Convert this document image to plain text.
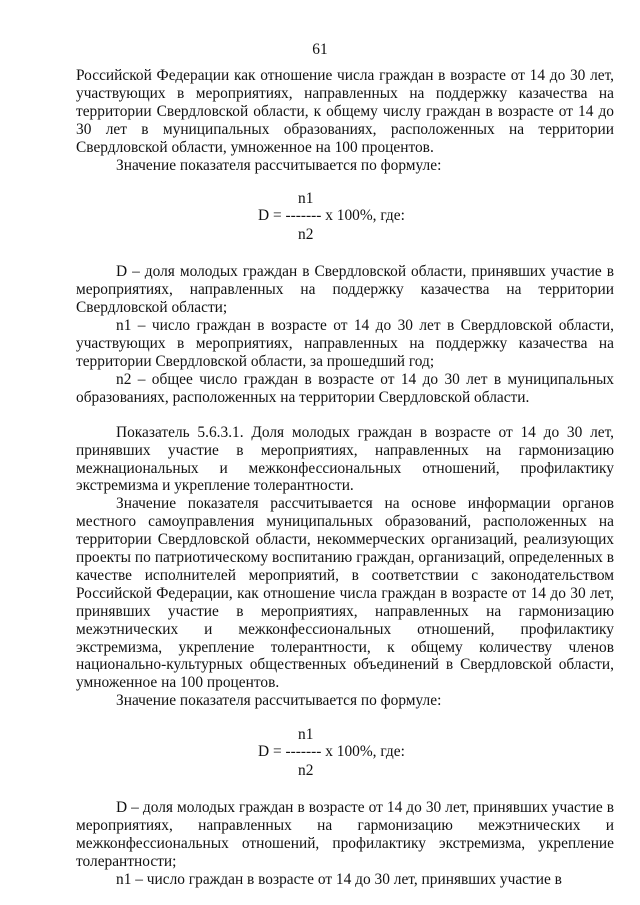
61

Российской Федерации как отношение числа граждан в возрасте от 14 до 30 лет, участвующих в мероприятиях, направленных на поддержку казачества на территории Свердловской области, к общему числу граждан в возрасте от 14 до 30 лет в муниципальных образованиях, расположенных на территории Свердловской области, умноженное на 100 процентов.

Значение показателя рассчитывается по формуле:

n1
D = ------- x 100%, где:
n2

D – доля молодых граждан в Свердловской области, принявших участие в мероприятиях, направленных на поддержку казачества на территории Свердловской области;

n1 – число граждан в возрасте от 14 до 30 лет в Свердловской области, участвующих в мероприятиях, направленных на поддержку казачества на территории Свердловской области, за прошедший год;

n2 – общее число граждан в возрасте от 14 до 30 лет в муниципальных образованиях, расположенных на территории Свердловской области.

Показатель 5.6.3.1. Доля молодых граждан в возрасте от 14 до 30 лет, принявших участие в мероприятиях, направленных на гармонизацию межнациональных и межконфессиональных отношений, профилактику экстремизма и укрепление толерантности.

Значение показателя рассчитывается на основе информации органов местного самоуправления муниципальных образований, расположенных на территории Свердловской области, некоммерческих организаций, реализующих проекты по патриотическому воспитанию граждан, организаций, определенных в качестве исполнителей мероприятий, в соответствии с законодательством Российской Федерации, как отношение числа граждан в возрасте от 14 до 30 лет, принявших участие в мероприятиях, направленных на гармонизацию межэтнических и межконфессиональных отношений, профилактику экстремизма, укрепление толерантности, к общему количеству членов национально-культурных общественных объединений в Свердловской области, умноженное на 100 процентов.

Значение показателя рассчитывается по формуле:

n1
D = ------- x 100%, где:
n2

D – доля молодых граждан в возрасте от 14 до 30 лет, принявших участие в мероприятиях, направленных на гармонизацию межэтнических и межконфессиональных отношений, профилактику экстремизма, укрепление толерантности;

n1 – число граждан в возрасте от 14 до 30 лет, принявших участие в
